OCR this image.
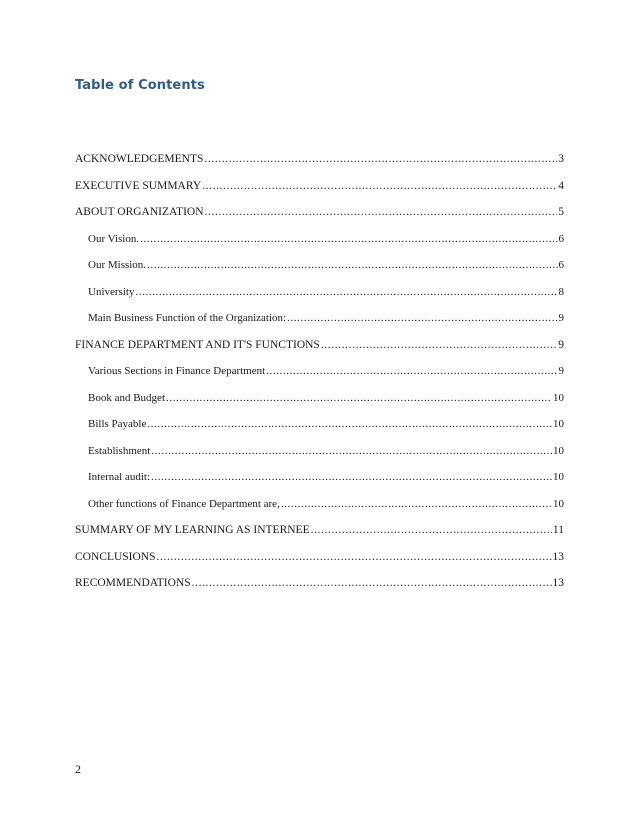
Table of Contents
ACKNOWLEDGEMENTS .....	3
EXECUTIVE SUMMARY .....	4
ABOUT ORGANIZATION .....	5
Our Vision. .....	6
Our Mission. .....	6
University .....	8
Main Business Function of the Organization: .....	9
FINANCE DEPARTMENT AND IT'S FUNCTIONS .....	9
Various Sections in Finance Department .....	9
Book and Budget .....	10
Bills Payable .....	10
Establishment .....	10
Internal audit: .....	10
Other functions of Finance Department are, .....	10
SUMMARY OF MY LEARNING AS INTERNEE .....	11
CONCLUSIONS .....	13
RECOMMENDATIONS .....	13
2
